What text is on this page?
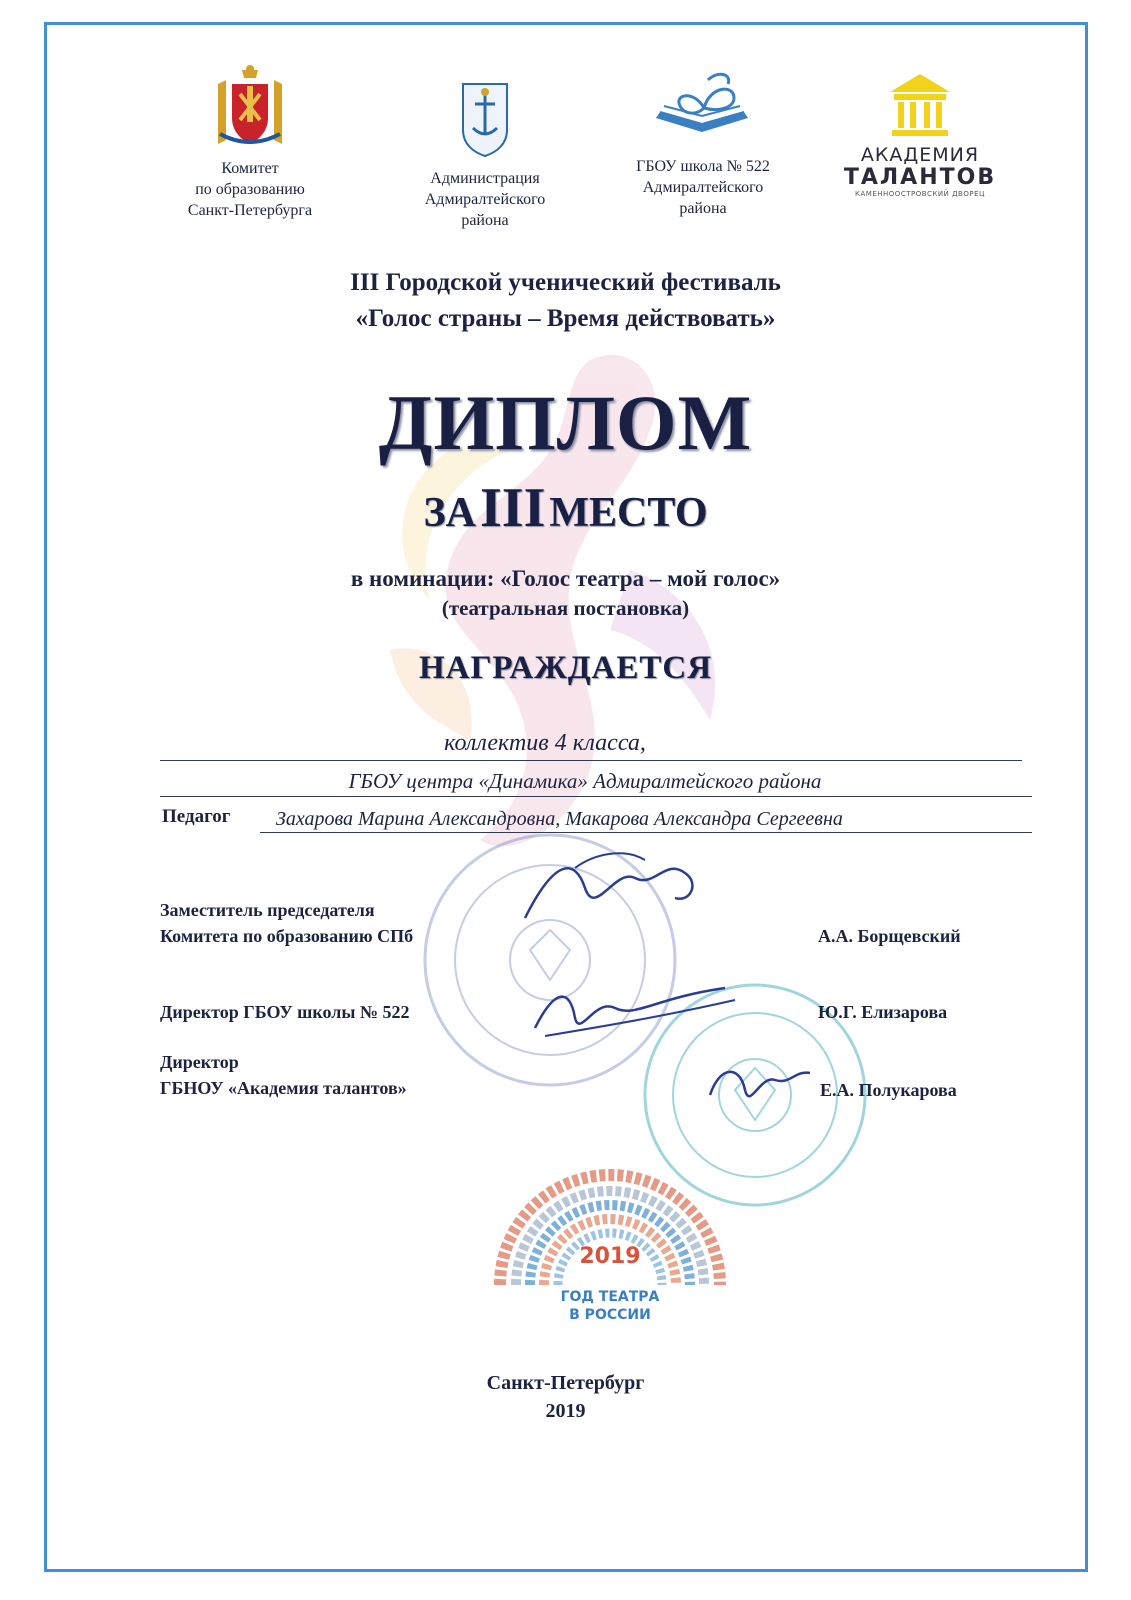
Комитет
по образованию
Санкт-Петербурга
Администрация
Адмиралтейского
района
ГБОУ школа № 522
Адмиралтейского
района
АКАДЕМИЯ
ТАЛАНТОВ
КАМЕННООСТРОВСКИЙ ДВОРЕЦ
III Городской ученический фестиваль
«Голос страны – Время действовать»
ДИПЛОМ
ЗА III МЕСТО
в номинации: «Голос театра – мой голос»
(театральная постановка)
НАГРАЖДАЕТСЯ
коллектив 4 класса,
ГБОУ центра «Динамика» Адмиралтейского района
Педагог Захарова Марина Александровна, Макарова Александра Сергеевна
Заместитель председателя
Комитета по образованию СПб	А.А. Борщевский
Директор ГБОУ школы № 522	Ю.Г. Елизарова
Директор
ГБНОУ «Академия талантов»	Е.А. Полукарова
2019
ГОД ТЕАТРА
В РОССИИ
Санкт-Петербург
2019
